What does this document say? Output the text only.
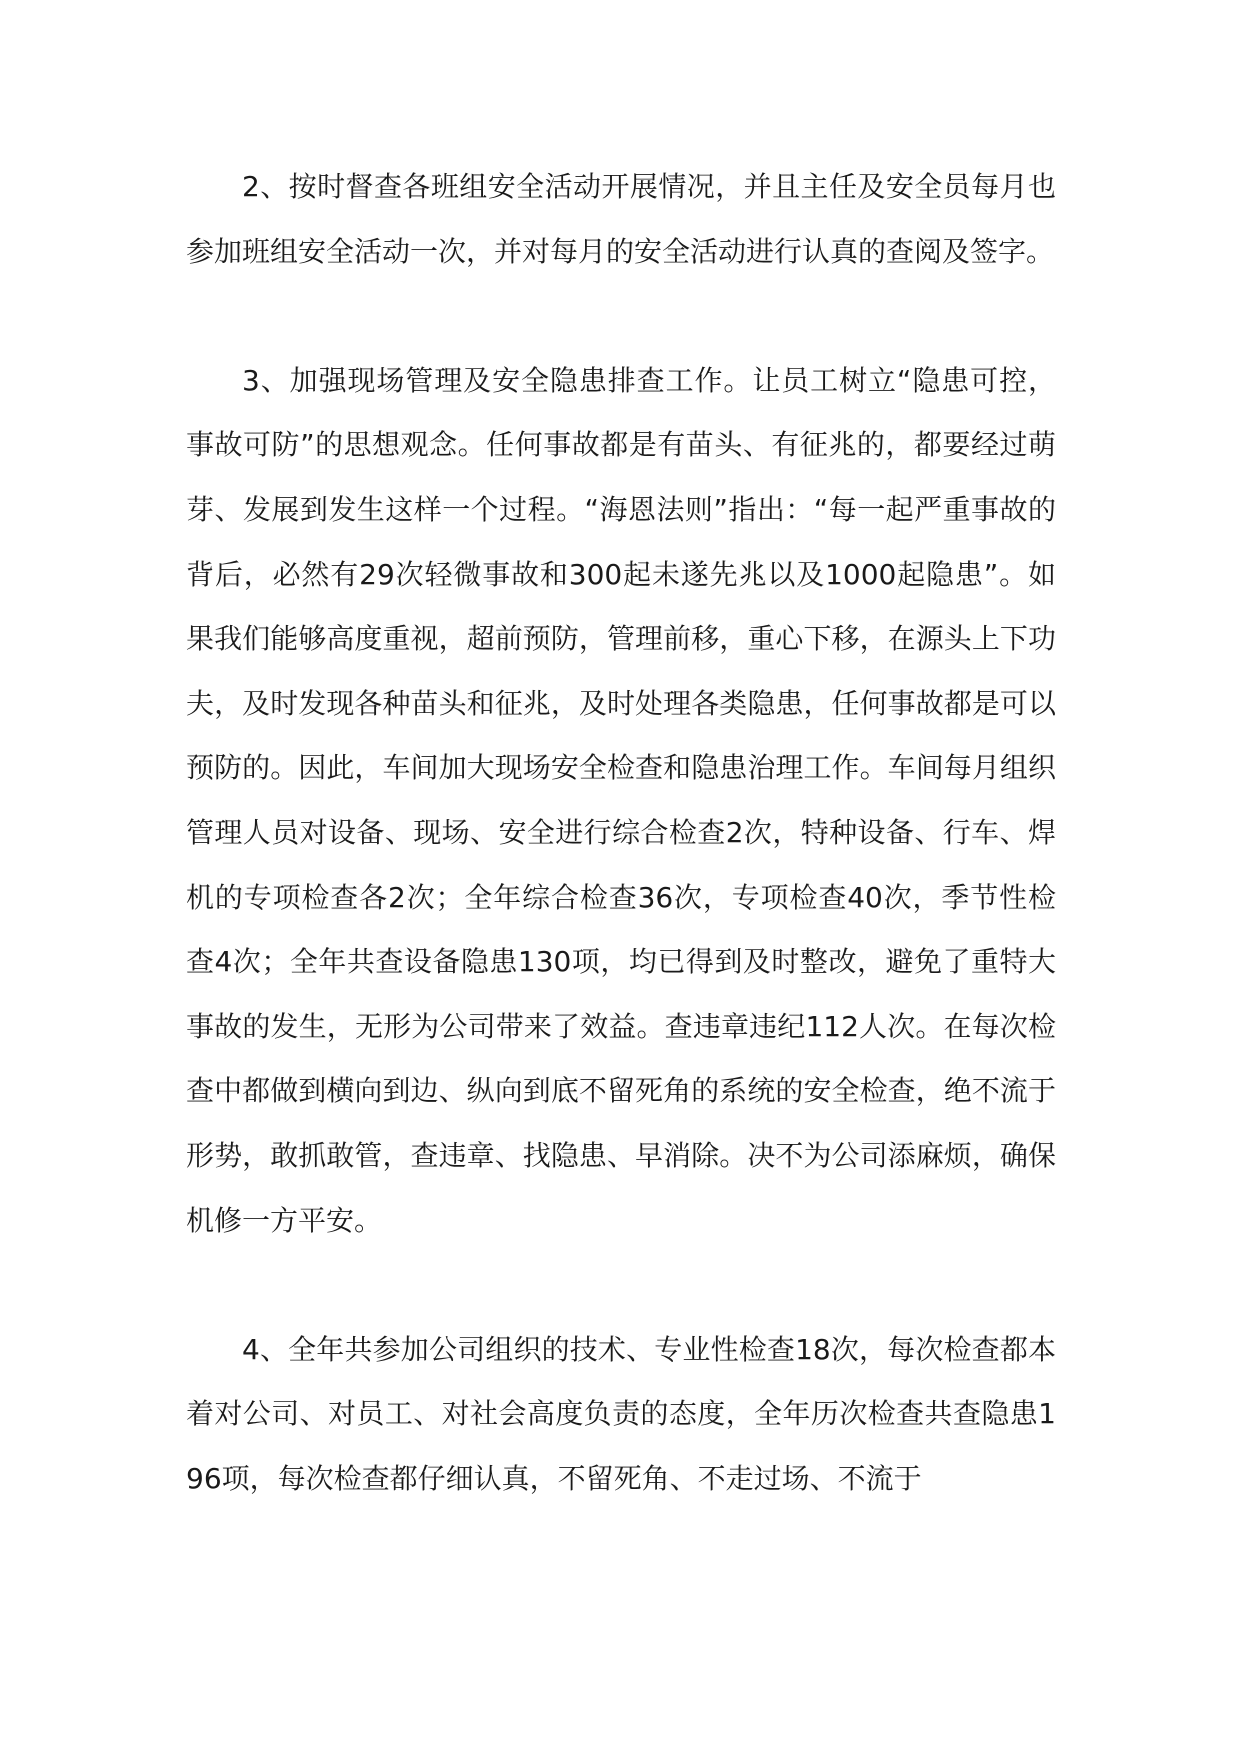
2、按时督查各班组安全活动开展情况，并且主任及安全员每月也参加班组安全活动一次，并对每月的安全活动进行认真的查阅及签字。

3、加强现场管理及安全隐患排查工作。让员工树立“隐患可控，事故可防”的思想观念。任何事故都是有苗头、有征兆的，都要经过萌芽、发展到发生这样一个过程。“海恩法则”指出：“每一起严重事故的背后，必然有29次轻微事故和300起未遂先兆以及1000起隐患”。如果我们能够高度重视，超前预防，管理前移，重心下移，在源头上下功夫，及时发现各种苗头和征兆，及时处理各类隐患，任何事故都是可以预防的。因此，车间加大现场安全检查和隐患治理工作。车间每月组织管理人员对设备、现场、安全进行综合检查2次，特种设备、行车、焊机的专项检查各2次；全年综合检查36次，专项检查40次，季节性检查4次；全年共查设备隐患130项，均已得到及时整改，避免了重特大事故的发生，无形为公司带来了效益。查违章违纪112人次。在每次检查中都做到横向到边、纵向到底不留死角的系统的安全检查，绝不流于形势，敢抓敢管，查违章、找隐患、早消除。决不为公司添麻烦，确保机修一方平安。

4、全年共参加公司组织的技术、专业性检查18次，每次检查都本着对公司、对员工、对社会高度负责的态度，全年历次检查共查隐患196项，每次检查都仔细认真，不留死角、不走过场、不流于
